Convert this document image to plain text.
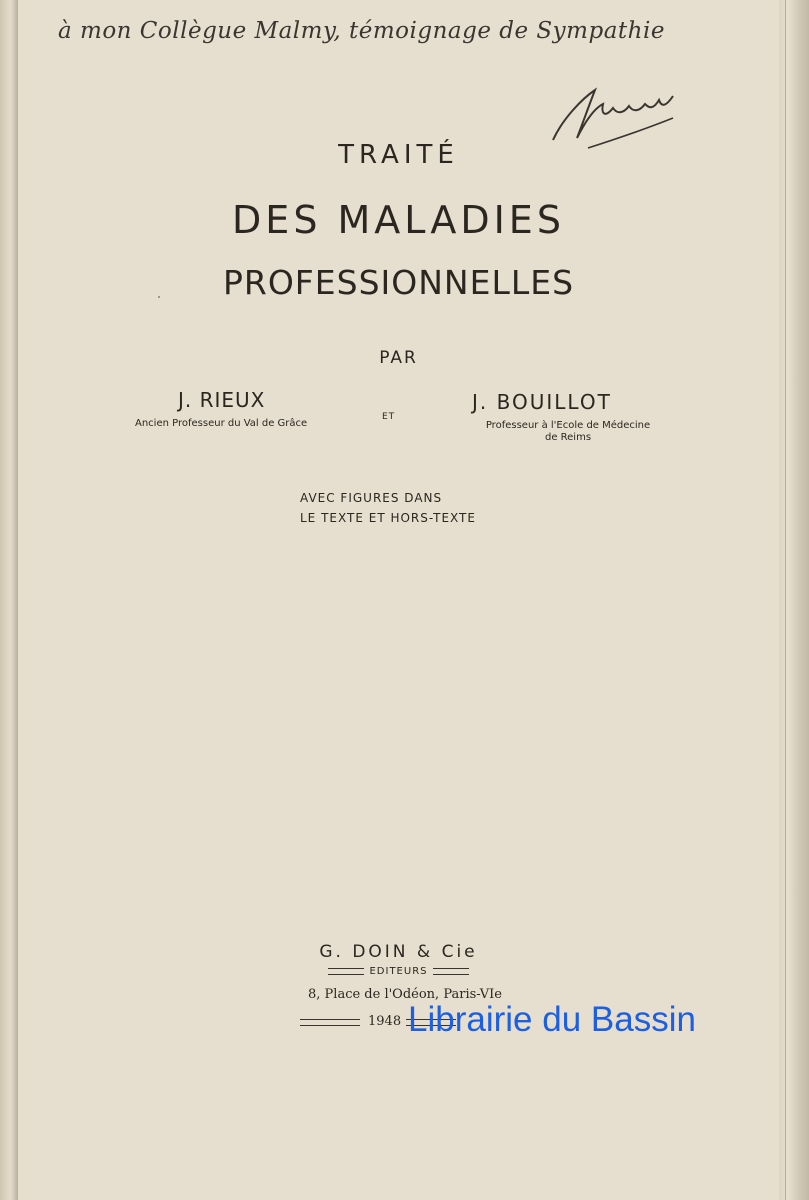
à mon Collègue Malmy, témoignage de Sympathie
TRAITÉ
DES MALADIES
PROFESSIONNELLES
PAR
J. RIEUX
Ancien Professeur du Val de Grâce
ET
J. BOUILLOT
Professeur à l'Ecole de Médecine
de Reims
AVEC FIGURES DANS
LE TEXTE ET HORS-TEXTE
G. DOIN & Cie
EDITEURS
8, Place de l'Odéon, Paris-VIe
1948 Librairie du Bassin
